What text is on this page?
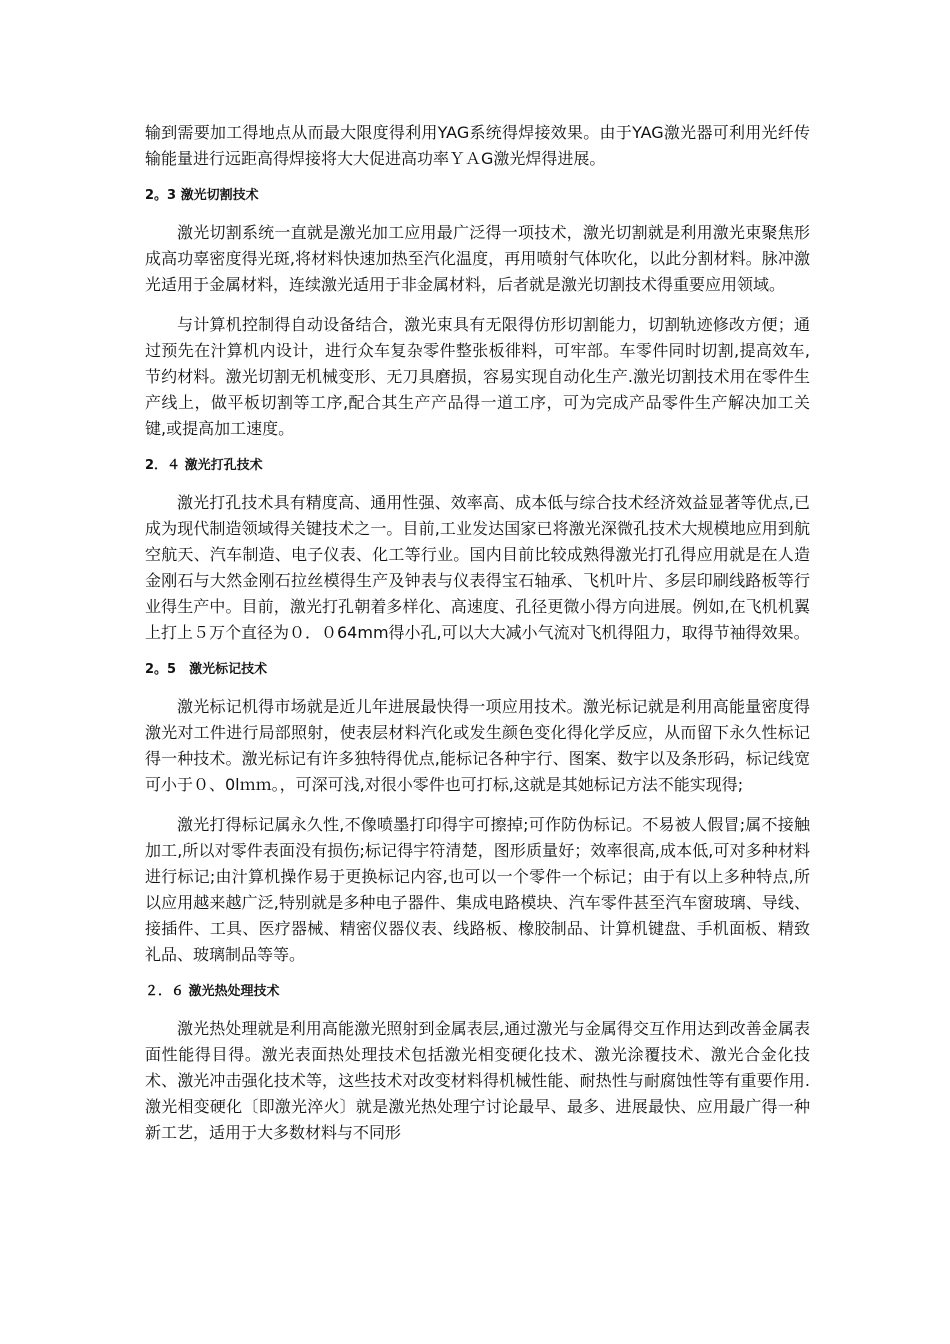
输到需要加工得地点从而最大限度得利用YAG系统得焊接效果。由于YAG激光器可利用光纤传输能量进行远距高得焊接将大大促进高功率ＹＡG激光焊得进展。

2。3 激光切割技术

激光切割系统一直就是激光加工应用最广泛得一项技术，激光切割就是利用激光束聚焦形成高功辜密度得光斑,将材料快速加热至汽化温度，再用喷射气体吹化，以此分割材料。脉冲激光适用于金属材料，连续激光适用于非金属材料，后者就是激光切割技术得重要应用领域。

与计算机控制得自动设备结合，激光束具有无限得仿形切割能力，切割轨迹修改方便；通过预先在汁算机内设计，进行众车复杂零件整张板徘料，可牢部。车零件同时切割,提高效车,节约材料。激光切割无机械变形、无刀具磨损，容易实现自动化生产.激光切割技术用在零件生产线上，做平板切割等工序,配合其生产产品得一道工序，可为完成产品零件生产解决加工关键,或提高加工速度。

2．４ 激光打孔技术

激光打孔技术具有精度高、通用性强、效率高、成本低与综合技术经济效益显著等优点,已成为现代制造领域得关键技术之一。目前,工业发达国家已将激光深微孔技术大规模地应用到航空航天、汽车制造、电子仪表、化工等行业。国内目前比较成熟得激光打孔得应用就是在人造金刚石与大然金刚石拉丝模得生产及钟表与仪表得宝石轴承、飞机叶片、多层印刷线路板等行业得生产中。目前，激光打孔朝着多样化、高速度、孔径更微小得方向进展。例如,在飞机机翼上打上５万个直径为０．０64mm得小孔,可以大大减小气流对飞机得阻力，取得节袖得效果。

2。5　激光标记技术

激光标记机得市场就是近儿年进展最快得一项应用技术。激光标记就是利用高能量密度得激光对工件进行局部照射，使表层材料汽化或发生颜色变化得化学反应，从而留下永久性标记得一种技术。激光标记有许多独特得优点,能标记各种宇行、图案、数宇以及条形码，标记线宽可小于０、0lｍｍ。，可深可浅,对很小零件也可打标,这就是其她标记方法不能实现得;

激光打得标记属永久性,不像喷墨打印得宇可擦掉;可作防伪标记。不易被人假冒;属不接触加工,所以对零件表面没有损伤;标记得宇符清楚，图形质量好；效率很高,成本低,可对多种材料进行标记;由汁算机操作易于更换标记内容,也可以一个零件一个标记；由于有以上多种特点,所以应用越来越广泛,特别就是多种电子器件、集成电路模块、汽车零件甚至汽车窗玻璃、导线、接插件、工具、医疗器械、精密仪器仪表、线路板、橡胶制品、计算机键盘、手机面板、精致礼品、玻璃制品等等。

２．６ 激光热处理技术

激光热处理就是利用高能激光照射到金属表层,通过激光与金属得交互作用达到改善金属表面性能得目得。激光表面热处理技术包括激光相变硬化技术、激光涂覆技术、激光合金化技术、激光冲击强化技术等，这些技术对改变材料得机械性能、耐热性与耐腐蚀性等有重要作用.激光相变硬化〔即激光淬火〕就是激光热处理宁讨论最早、最多、进展最快、应用最广得一种新工艺，适用于大多数材料与不同形
